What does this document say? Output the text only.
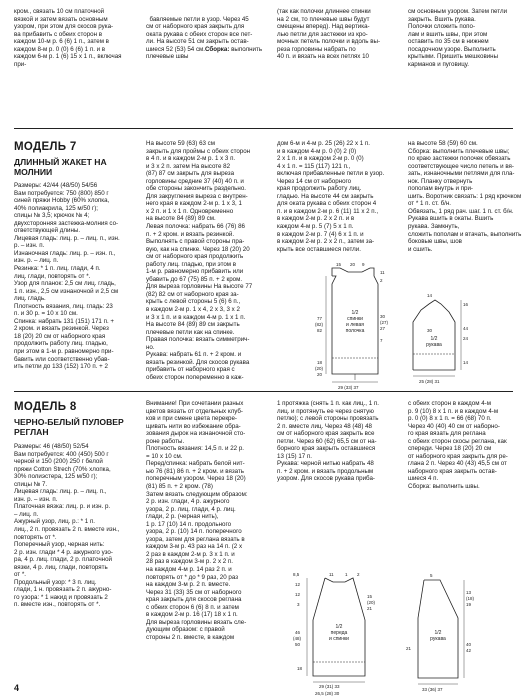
кром., связать 10 см платочной
вязкой и затем вязать основным
узором, при этом для скосов рука-
ва прибавить с обеих сторон в
каждом 10-м р. 6 (6) 1 п., затем в
каждом 8-м р. 0 (0) 6 (6) 1 п. и в
каждом 6-м р. 1 (6) 15 х 1 п., включая при-

бавляемые петли в узор. Через 45
см от наборного края закрыть для
оката рукава с обеих сторон все пет-
ли. На высоте 51 см закрыть остав-
шиеся 52 (53) 54 см.Сборка: выполнить плечевые швы

(так как полочки длиннее спинки
на 2 см, то плечевые швы будут
смещены вперед). Над вертика-
лью петли для застежки из кро-
мочных петель полочки и вдоль вы-
реза горловины набрать по
40 п. и вязать на всех петлях 10
см основным узором. Затем петли
закрыть. Вшить рукава.
Полочки сложить попо-
лам и вшить швы, при этом
оставить по 35 см в нижнем
посадочном узоре. Выполнить
крытыми. Пришить мешковины
карманов и пуговицу.
МОДЕЛЬ 7
ДЛИННЫЙ ЖАКЕТ НА МОЛНИИ
Размеры: 42/44 (48/50) 54/56
Вам потребуется: 750 (800) 850 г
синей пряжи Hobby (60% хлопка,
40% полиакрила, 125 м/50 г);
спицы № 3,5; крючок № 4;
двухсторонняя застежка-молния со-
ответствующей длины.
Лицевая гладь: лиц. р. – лиц. п., изн.
р. – изн. п.
Изнаночная гладь: лиц. р. – изн. п.,
изн. р. – лиц. п.
Резинка: * 1 п. лиц. глади, 4 п.
лиц. глади, повторять от *.
Узор для планок: 2,5 см лиц. гладь,
1 п. изн., 2,5 см изнаночной и 2,5 см
лиц. гладь.
Плотность вязания, лиц. гладь: 23
п. и 30 р. = 10 х 10 см.
Спинка: набрать 131 (151) 171 п. +
2 кром. и вязать резинкой. Через
18 (20) 20 см от наборного края
продолжить работу лиц. гладью,
при этом в 1-м р. равномерно при-
бавить или соответственно убав-
ить петли до 133 (152) 170 п. + 2
На высоте 59 (63) 63 см
закрыть для проймы с обеих сторон
в 4 п. и в каждом 2-м р. 1 х 3 п.
и 3 х 2 п. затем На высоте 82
(87) 87 см закрыть для выреза
горловины средние 37 (40) 40 п. и
обе стороны закончить раздельно.
Для закругления выреза с внутрен-
него края в каждом 2-м р. 1 х 3, 1
х 2 п. и 1 х 1 п. Одновременно
на высоте 84 (89) 89 см.
Левая полочка: набрать 66 (76) 86
п. + 2 кром. и вязать резинкой.
Выполнять с правой стороны пра-
вую, как на спинке. Через 18 (20) 20
см от наборного края продолжить
работу лиц. гладью, при этом в
1-м р. равномерно прибавить или
убавить до 67 (75) 85 п. + 2 кром.
Для выреза горловины На высоте 77
(82) 82 см от наборного края за-
крыть с левой стороны 5 (6) 6 п.,
в каждом 2-м р. 1 х 4, 2 х 3, 3 х 2
и 3 х 1 п. и в каждом 4-м р. 1 х 1 п.
На высоте 84 (89) 89 см закрыть
плечевые петли как на спинке.
Правая полочка: вязать симметрич-
но.
Рукава: набрать 61 п. + 2 кром. и
вязать резинкой. Для скосов рукава
прибавить от наборного края с
обеих сторон попеременно в каж-
дом 6-м и 4-м р. 25 (26) 22 х 1 п.
и в каждом 4-м р. 0 (0) 2 (0)
2 х 1 п. и в каждом 2-м р. 0 (0)
4 х 1 п. = 115 (117) 121 п.,
включая прибавленные петли в узор.
Через 14 см от наборного
края продолжить работу лиц.
гладью. На высоте 44 см закрыть
для оката рукава с обеих сторон 4
п. и в каждом 2-м р. 6 (11) 11 х 2 п.,
в каждом 2-м р. 2 х 2 п. и в
каждом 4-м р. 5 (7) 5 х 1 п.
в каждом 2-м р. 7 (4) 6 х 1 п. и
в каждом 2-м р. 2 х 2 п., затем за-
крыть все оставшиеся петли.
на высоте 58 (59) 60 см.
Сборка: выполнить плечевые швы;
по краю застежки полочек обвязать
соответствующее число петель и вя-
зать, изнаночными петлями для пла-
нок. Планку отвернуть
пополам внутрь и при-
шить. Воротник связать: 1 ряд крючком
от * 1 п. ст. б/н.
Обвязать, 1 ряд рач. шаг. 1 п. ст. б/н.
Рукава вшить в окаты. Вшить
рукава. Замкнуть,
сложить пополам и втачать, выполнить
боковые швы, шов
и сшить.
15 20 9
11
2
77
(82)
82
30
(27)
27
7
18
(20)
20
29 (33) 37
1/2
спинки
и левая
полочка
14
16
44
24
14
30
25 (28) 31
1/2
рукава
МОДЕЛЬ 8
ЧЕРНО-БЕЛЫЙ ПУЛОВЕР РЕГЛАН
Размеры: 46 (48/50) 52/54
Вам потребуется: 400 (450) 500 г
черной и 150 (200) 250 г белой
пряжи Cotton Strech (70% хлопка,
30% полиэстера, 125 м/50 г);
спицы № 7.
Лицевая гладь: лиц. р. – лиц. п.,
изн. р. – изн. п.
Платочная вязка: лиц. р. и изн. р.
– лиц. п.
Ажурный узор, лиц. р.: * 1 п.
лиц., 2 п. провязать 2 п. вместе изн.,
повторять от *.
Поперечный узор, черная нить:
2 р. изн. глади * 4 р. ажурного узо-
ра, 4 р. лиц. глади, 2 р. платочной
вязки, 4 р. лиц. глади, повторять
от *.
Продольный узор: * 3 п. лиц.
глади, 1 н. провязать 2 п. ажурно-
го узора: * 1 накид и провязать 2
п. вместе изн., повторять от *.
Внимание! При сочетании разных
цветов вязать от отдельных клуб-
ков и при смене цвета перекре-
щивать нити во избежание обра-
зования дырок на изнаночной сто-
роне работы.
Плотность вязания: 14,5 п. и 22 р.
= 10 х 10 см.
Перед/спинка: набрать белой нит-
ью 76 (81) 86 п. + 2 кром. и вязать
поперечным узором. Через 18 (20)
(81) 85 п. + 2 кром. (78)
Затем вязать следующим образом:
2 р. изн. глади, 4 р. ажурного
узора, 2 р. лиц. глади, 4 р. лиц.
глади, 2 р. (черная нить),
1 р. 17 (10) 14 п. продольного
узора, 2 р. (10) 14 п. поперечного
узора, затем для реглана вязать в
каждом 3-м р. 43 раз на 14 п. (2 х
2 раз в каждом 2-м р. 3 х 1 п. и
28 раз в каждом 3-м р. 2 х 2 п.
на каждом 4-м р. 14 раз 2 п. и
повторять от * до * 9 раз, 20 раз
на каждом 3-м р. 2 п. вместе.
Через 31 (33) 35 см от наборного
края закрыть для скосов реглана
с обеих сторон 6 (6) 8 п. и затем
в каждом 2-м р. 16 (17) 18 х 1 п.
Для выреза горловины вязать сле-
дующим образом: с правой
стороны 2 п. вместе, в каждом
1 протяжка (снять 1 п. как лиц., 1 п.
лиц. и протянуть ее через снятую
петлю); с левой стороны провязать
2 п. вместе лиц. Через 48 (48) 48
см от наборного края закрыть все
петли. Через 60 (62) 65,5 см от на-
борного края закрыть оставшиеся
13 (15) 17 п.
Рукава: черной нитью набрать 48
п. + 2 кром. и вязать продольным
узором. Для скосов рукава приба-
с обеих сторон в каждом 4-м
р. 9 (10) 8 х 1 п. и в каждом 4-м
р. 0 (0) 8 х 1 п. = 66 (68) 70 п.
Через 40 (40) 40 см от наборно-
го края вязать для реглана
с обеих сторон скосы реглана, как
спереди. Через 18 (20) 20 см
от наборного края закрыть для ре-
глана 2 п. Через 40 (43) 45,5 см от
наборного края закрыть остав-
шиеся 4 п.
Сборка: выполнить швы.
8,5	11
12
1 2
12
3
15
(20)
21
46
(48)
50
18
29 (31) 33
26,5 (28) 30
1/2
переда
и спинки
5
13
(18)
19
21
40
42
33 (36) 37
1/2
рукава
4
